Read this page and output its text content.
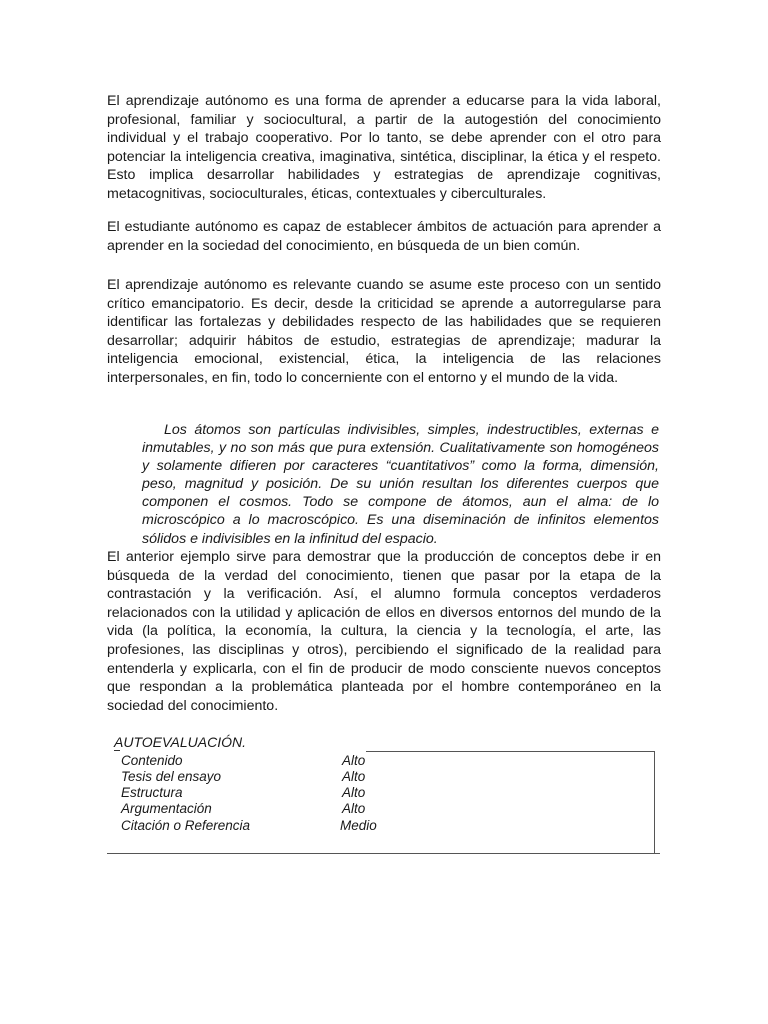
El aprendizaje autónomo es una forma de aprender a educarse para la vida laboral, profesional, familiar y sociocultural, a partir de la autogestión del conocimiento individual y el trabajo cooperativo. Por lo tanto, se debe aprender con el otro para potenciar la inteligencia creativa, imaginativa, sintética, disciplinar, la ética y el respeto. Esto implica desarrollar habilidades y estrategias de aprendizaje cognitivas, metacognitivas, socioculturales, éticas, contextuales y ciberculturales.

El estudiante autónomo es capaz de establecer ámbitos de actuación para aprender a aprender en la sociedad del conocimiento, en búsqueda de un bien común.

El aprendizaje autónomo es relevante cuando se asume este proceso con un sentido crítico emancipatorio. Es decir, desde la criticidad se aprende a autorregularse para identificar las fortalezas y debilidades respecto de las habilidades que se requieren desarrollar; adquirir hábitos de estudio, estrategias de aprendizaje; madurar la inteligencia emocional, existencial, ética, la inteligencia de las relaciones interpersonales, en fin, todo lo concerniente con el entorno y el mundo de la vida.

Los átomos son partículas indivisibles, simples, indestructibles, externas e inmutables, y no son más que pura extensión. Cualitativamente son homogéneos y solamente difieren por caracteres “cuantitativos” como la forma, dimensión, peso, magnitud y posición. De su unión resultan los diferentes cuerpos que componen el cosmos. Todo se compone de átomos, aun el alma: de lo microscópico a lo macroscópico. Es una diseminación de infinitos elementos sólidos e indivisibles en la infinitud del espacio.

El anterior ejemplo sirve para demostrar que la producción de conceptos debe ir en búsqueda de la verdad del conocimiento, tienen que pasar por la etapa de la contrastación y la verificación. Así, el alumno formula conceptos verdaderos relacionados con la utilidad y aplicación de ellos en diversos entornos del mundo de la vida (la política, la economía, la cultura, la ciencia y la tecnología, el arte, las profesiones, las disciplinas y otros), percibiendo el significado de la realidad para entenderla y explicarla, con el fin de producir de modo consciente nuevos conceptos que respondan a la problemática planteada por el hombre contemporáneo en la sociedad del conocimiento.

AUTOEVALUACIÓN.

Contenido	Alto
Tesis del ensayo	Alto
Estructura	Alto
Argumentación	Alto
Citación o Referencia	Medio
